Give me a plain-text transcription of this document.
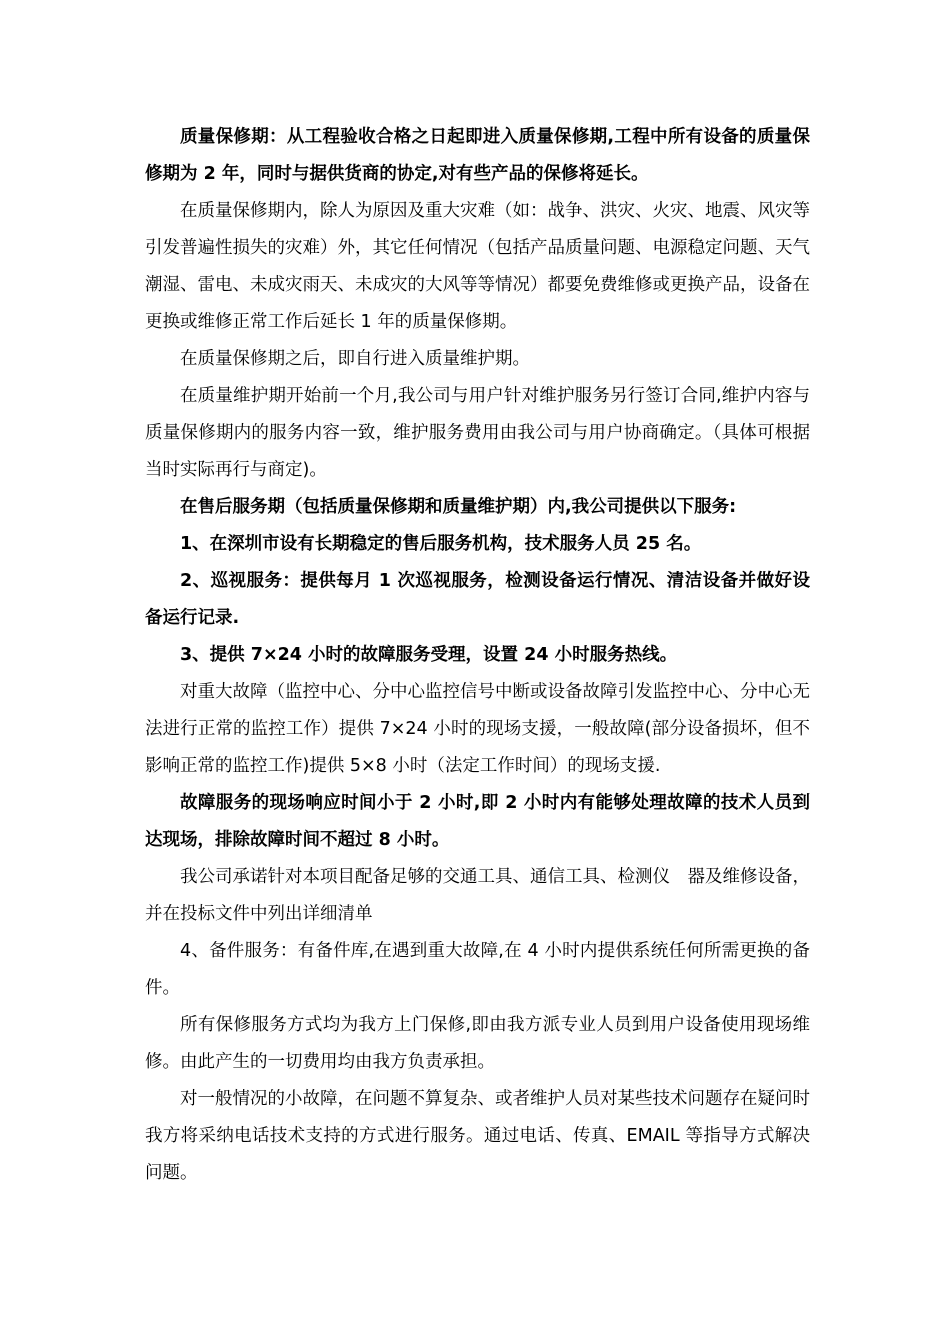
质量保修期：从工程验收合格之日起即进入质量保修期,工程中所有设备的质量保修期为 2 年，同时与据供货商的协定,对有些产品的保修将延长。

在质量保修期内，除人为原因及重大灾难（如：战争、洪灾、火灾、地震、风灾等引发普遍性损失的灾难）外，其它任何情况（包括产品质量问题、电源稳定问题、天气潮湿、雷电、未成灾雨天、未成灾的大风等等情况）都要免费维修或更换产品，设备在更换或维修正常工作后延长 1 年的质量保修期。

在质量保修期之后，即自行进入质量维护期。

在质量维护期开始前一个月,我公司与用户针对维护服务另行签订合同,维护内容与质量保修期内的服务内容一致，维护服务费用由我公司与用户协商确定。（具体可根据当时实际再行与商定)。

在售后服务期（包括质量保修期和质量维护期）内,我公司提供以下服务:

1、在深圳市设有长期稳定的售后服务机构，技术服务人员 25 名。

2、巡视服务：提供每月 1 次巡视服务，检测设备运行情况、清洁设备并做好设备运行记录.

3、提供 7×24 小时的故障服务受理，设置 24 小时服务热线。

对重大故障（监控中心、分中心监控信号中断或设备故障引发监控中心、分中心无法进行正常的监控工作）提供 7×24 小时的现场支援，一般故障(部分设备损坏，但不影响正常的监控工作)提供 5×8 小时（法定工作时间）的现场支援.

故障服务的现场响应时间小于 2 小时,即 2 小时内有能够处理故障的技术人员到达现场，排除故障时间不超过 8 小时。

我公司承诺针对本项目配备足够的交通工具、通信工具、检测仪　器及维修设备，并在投标文件中列出详细清单

4、备件服务：有备件库,在遇到重大故障,在 4 小时内提供系统任何所需更换的备件。

所有保修服务方式均为我方上门保修,即由我方派专业人员到用户设备使用现场维修。由此产生的一切费用均由我方负责承担。

对一般情况的小故障，在问题不算复杂、或者维护人员对某些技术问题存在疑问时我方将采纳电话技术支持的方式进行服务。通过电话、传真、EMAIL 等指导方式解决问题。
